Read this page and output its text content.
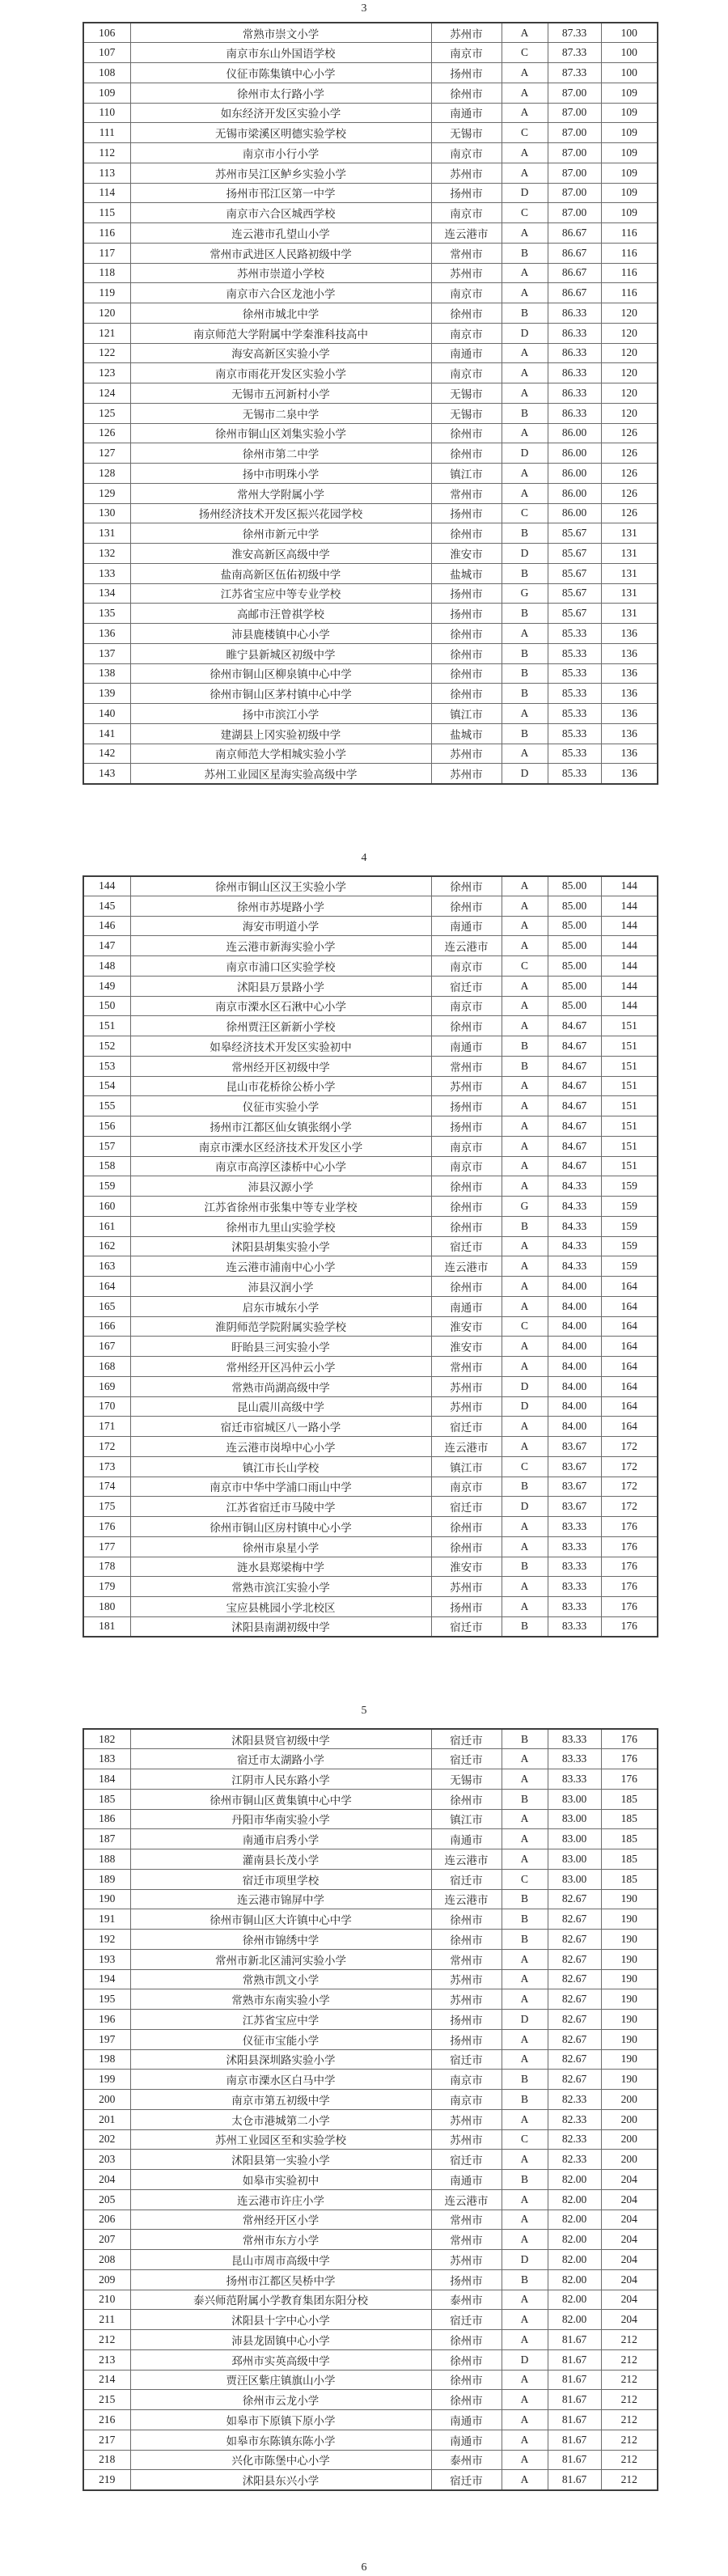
3
106	常熟市崇文小学	苏州市	A	87.33	100
107	南京市东山外国语学校	南京市	C	87.33	100
108	仪征市陈集镇中心小学	扬州市	A	87.33	100
109	徐州市太行路小学	徐州市	A	87.00	109
110	如东经济开发区实验小学	南通市	A	87.00	109
111	无锡市梁溪区明德实验学校	无锡市	C	87.00	109
112	南京市小行小学	南京市	A	87.00	109
113	苏州市吴江区鲈乡实验小学	苏州市	A	87.00	109
114	扬州市邗江区第一中学	扬州市	D	87.00	109
115	南京市六合区城西学校	南京市	C	87.00	109
116	连云港市孔望山小学	连云港市	A	86.67	116
117	常州市武进区人民路初级中学	常州市	B	86.67	116
118	苏州市崇道小学校	苏州市	A	86.67	116
119	南京市六合区龙池小学	南京市	A	86.67	116
120	徐州市城北中学	徐州市	B	86.33	120
121	南京师范大学附属中学秦淮科技高中	南京市	D	86.33	120
122	海安高新区实验小学	南通市	A	86.33	120
123	南京市雨花开发区实验小学	南京市	A	86.33	120
124	无锡市五河新村小学	无锡市	A	86.33	120
125	无锡市二泉中学	无锡市	B	86.33	120
126	徐州市铜山区刘集实验小学	徐州市	A	86.00	126
127	徐州市第二中学	徐州市	D	86.00	126
128	扬中市明珠小学	镇江市	A	86.00	126
129	常州大学附属小学	常州市	A	86.00	126
130	扬州经济技术开发区振兴花园学校	扬州市	C	86.00	126
131	徐州市新元中学	徐州市	B	85.67	131
132	淮安高新区高级中学	淮安市	D	85.67	131
133	盐南高新区伍佑初级中学	盐城市	B	85.67	131
134	江苏省宝应中等专业学校	扬州市	G	85.67	131
135	高邮市汪曾祺学校	扬州市	B	85.67	131
136	沛县鹿楼镇中心小学	徐州市	A	85.33	136
137	睢宁县新城区初级中学	徐州市	B	85.33	136
138	徐州市铜山区柳泉镇中心中学	徐州市	B	85.33	136
139	徐州市铜山区茅村镇中心中学	徐州市	B	85.33	136
140	扬中市滨江小学	镇江市	A	85.33	136
141	建湖县上冈实验初级中学	盐城市	B	85.33	136
142	南京师范大学相城实验小学	苏州市	A	85.33	136
143	苏州工业园区星海实验高级中学	苏州市	D	85.33	136
4
144	徐州市铜山区汉王实验小学	徐州市	A	85.00	144
145	徐州市苏堤路小学	徐州市	A	85.00	144
146	海安市明道小学	南通市	A	85.00	144
147	连云港市新海实验小学	连云港市	A	85.00	144
148	南京市浦口区实验学校	南京市	C	85.00	144
149	沭阳县万景路小学	宿迁市	A	85.00	144
150	南京市溧水区石湫中心小学	南京市	A	85.00	144
151	徐州贾汪区新新小学校	徐州市	A	84.67	151
152	如皋经济技术开发区实验初中	南通市	B	84.67	151
153	常州经开区初级中学	常州市	B	84.67	151
154	昆山市花桥徐公桥小学	苏州市	A	84.67	151
155	仪征市实验小学	扬州市	A	84.67	151
156	扬州市江都区仙女镇张纲小学	扬州市	A	84.67	151
157	南京市溧水区经济技术开发区小学	南京市	A	84.67	151
158	南京市高淳区漆桥中心小学	南京市	A	84.67	151
159	沛县汉源小学	徐州市	A	84.33	159
160	江苏省徐州市张集中等专业学校	徐州市	G	84.33	159
161	徐州市九里山实验学校	徐州市	B	84.33	159
162	沭阳县胡集实验小学	宿迁市	A	84.33	159
163	连云港市浦南中心小学	连云港市	A	84.33	159
164	沛县汉润小学	徐州市	A	84.00	164
165	启东市城东小学	南通市	A	84.00	164
166	淮阴师范学院附属实验学校	淮安市	C	84.00	164
167	盱眙县三河实验小学	淮安市	A	84.00	164
168	常州经开区冯仲云小学	常州市	A	84.00	164
169	常熟市尚湖高级中学	苏州市	D	84.00	164
170	昆山震川高级中学	苏州市	D	84.00	164
171	宿迁市宿城区八一路小学	宿迁市	A	84.00	164
172	连云港市岗埠中心小学	连云港市	A	83.67	172
173	镇江市长山学校	镇江市	C	83.67	172
174	南京市中华中学浦口雨山中学	南京市	B	83.67	172
175	江苏省宿迁市马陵中学	宿迁市	D	83.67	172
176	徐州市铜山区房村镇中心小学	徐州市	A	83.33	176
177	徐州市泉星小学	徐州市	A	83.33	176
178	涟水县郑梁梅中学	淮安市	B	83.33	176
179	常熟市滨江实验小学	苏州市	A	83.33	176
180	宝应县桃园小学北校区	扬州市	A	83.33	176
181	沭阳县南湖初级中学	宿迁市	B	83.33	176
5
182	沭阳县贤官初级中学	宿迁市	B	83.33	176
183	宿迁市太湖路小学	宿迁市	A	83.33	176
184	江阴市人民东路小学	无锡市	A	83.33	176
185	徐州市铜山区黄集镇中心中学	徐州市	B	83.00	185
186	丹阳市华南实验小学	镇江市	A	83.00	185
187	南通市启秀小学	南通市	A	83.00	185
188	灌南县长茂小学	连云港市	A	83.00	185
189	宿迁市项里学校	宿迁市	C	83.00	185
190	连云港市锦屏中学	连云港市	B	82.67	190
191	徐州市铜山区大许镇中心中学	徐州市	B	82.67	190
192	徐州市锦绣中学	徐州市	B	82.67	190
193	常州市新北区浦河实验小学	常州市	A	82.67	190
194	常熟市凯文小学	苏州市	A	82.67	190
195	常熟市东南实验小学	苏州市	A	82.67	190
196	江苏省宝应中学	扬州市	D	82.67	190
197	仪征市宝能小学	扬州市	A	82.67	190
198	沭阳县深圳路实验小学	宿迁市	A	82.67	190
199	南京市溧水区白马中学	南京市	B	82.67	190
200	南京市第五初级中学	南京市	B	82.33	200
201	太仓市港城第二小学	苏州市	A	82.33	200
202	苏州工业园区至和实验学校	苏州市	C	82.33	200
203	沭阳县第一实验小学	宿迁市	A	82.33	200
204	如皋市实验初中	南通市	B	82.00	204
205	连云港市许庄小学	连云港市	A	82.00	204
206	常州经开区小学	常州市	A	82.00	204
207	常州市东方小学	常州市	A	82.00	204
208	昆山市周市高级中学	苏州市	D	82.00	204
209	扬州市江都区吴桥中学	扬州市	B	82.00	204
210	泰兴师范附属小学教育集团东阳分校	泰州市	A	82.00	204
211	沭阳县十字中心小学	宿迁市	A	82.00	204
212	沛县龙固镇中心小学	徐州市	A	81.67	212
213	邳州市实英高级中学	徐州市	D	81.67	212
214	贾汪区紫庄镇旗山小学	徐州市	A	81.67	212
215	徐州市云龙小学	徐州市	A	81.67	212
216	如皋市下原镇下原小学	南通市	A	81.67	212
217	如皋市东陈镇东陈小学	南通市	A	81.67	212
218	兴化市陈堡中心小学	泰州市	A	81.67	212
219	沭阳县东兴小学	宿迁市	A	81.67	212
6
